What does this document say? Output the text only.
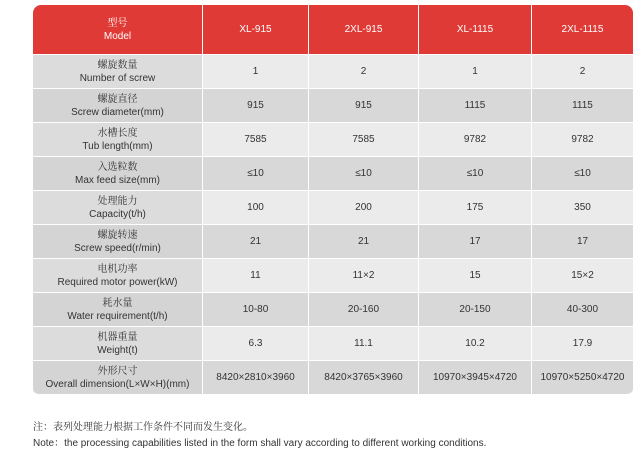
型号
Model	XL-915	2XL-915	XL-1115	2XL-1115

螺旋数量
Number of screw	1	2	1	2

螺旋直径
Screw diameter(mm)	915	915	1115	1115

水槽长度
Tub length(mm)	7585	7585	9782	9782

入选粒数
Max feed size(mm)	≤10	≤10	≤10	≤10

处理能力
Capacity(t/h)	100	200	175	350

螺旋转速
Screw speed(r/min)	21	21	17	17

电机功率
Required motor power(kW)	11	11×2	15	15×2

耗水量
Water requirement(t/h)	10-80	20-160	20-150	40-300

机器重量
Weight(t)	6.3	11.1	10.2	17.9

外形尺寸
Overall dimension(L×W×H)(mm)	8420×2810×3960	8420×3765×3960	10970×3945×4720	10970×5250×4720
注：表列处理能力根据工作条件不同而发生变化。
Note：the processing capabilities listed in the form shall vary according to different working conditions.
